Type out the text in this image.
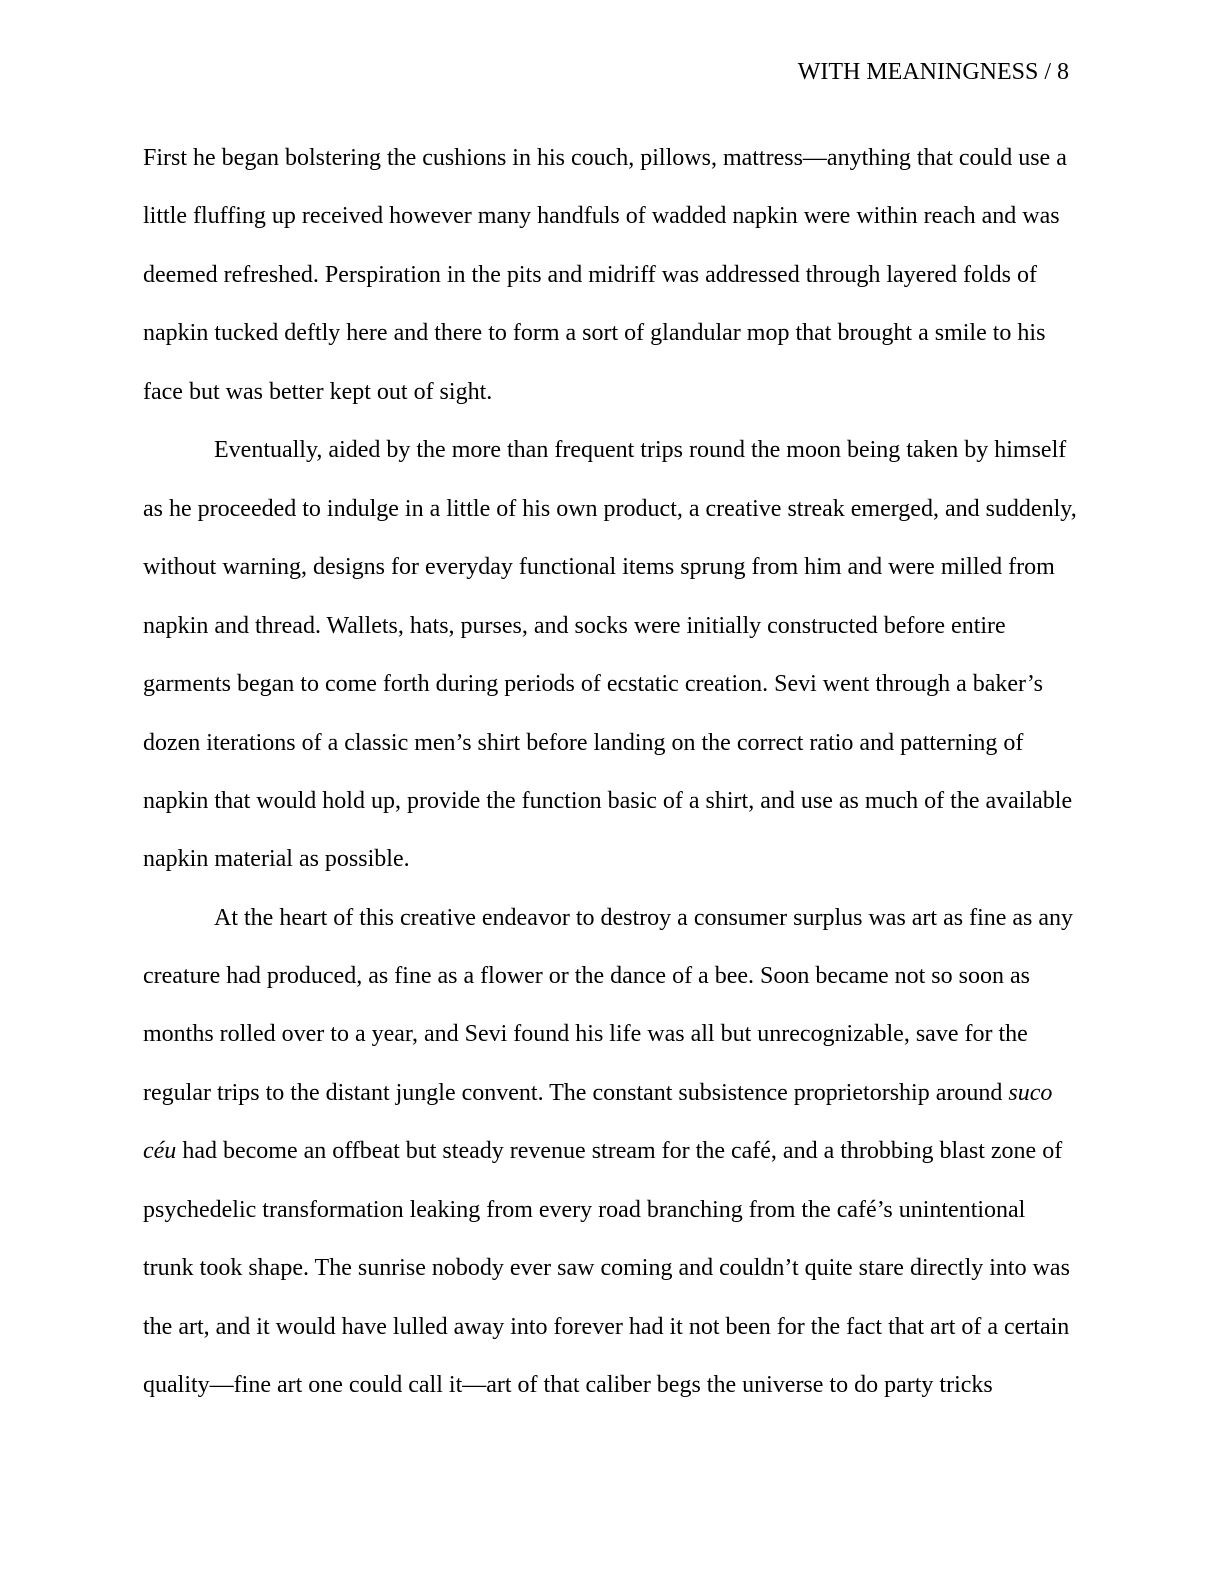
WITH MEANINGNESS / 8
First he began bolstering the cushions in his couch, pillows, mattress—anything that could use a
little fluffing up received however many handfuls of wadded napkin were within reach and was
deemed refreshed. Perspiration in the pits and midriff was addressed through layered folds of
napkin tucked deftly here and there to form a sort of glandular mop that brought a smile to his
face but was better kept out of sight.
Eventually, aided by the more than frequent trips round the moon being taken by himself
as he proceeded to indulge in a little of his own product, a creative streak emerged, and suddenly,
without warning, designs for everyday functional items sprung from him and were milled from
napkin and thread. Wallets, hats, purses, and socks were initially constructed before entire
garments began to come forth during periods of ecstatic creation. Sevi went through a baker’s
dozen iterations of a classic men’s shirt before landing on the correct ratio and patterning of
napkin that would hold up, provide the function basic of a shirt, and use as much of the available
napkin material as possible.
At the heart of this creative endeavor to destroy a consumer surplus was art as fine as any
creature had produced, as fine as a flower or the dance of a bee. Soon became not so soon as
months rolled over to a year, and Sevi found his life was all but unrecognizable, save for the
regular trips to the distant jungle convent. The constant subsistence proprietorship around suco
céu had become an offbeat but steady revenue stream for the café, and a throbbing blast zone of
psychedelic transformation leaking from every road branching from the café’s unintentional
trunk took shape. The sunrise nobody ever saw coming and couldn’t quite stare directly into was
the art, and it would have lulled away into forever had it not been for the fact that art of a certain
quality—fine art one could call it—art of that caliber begs the universe to do party tricks
